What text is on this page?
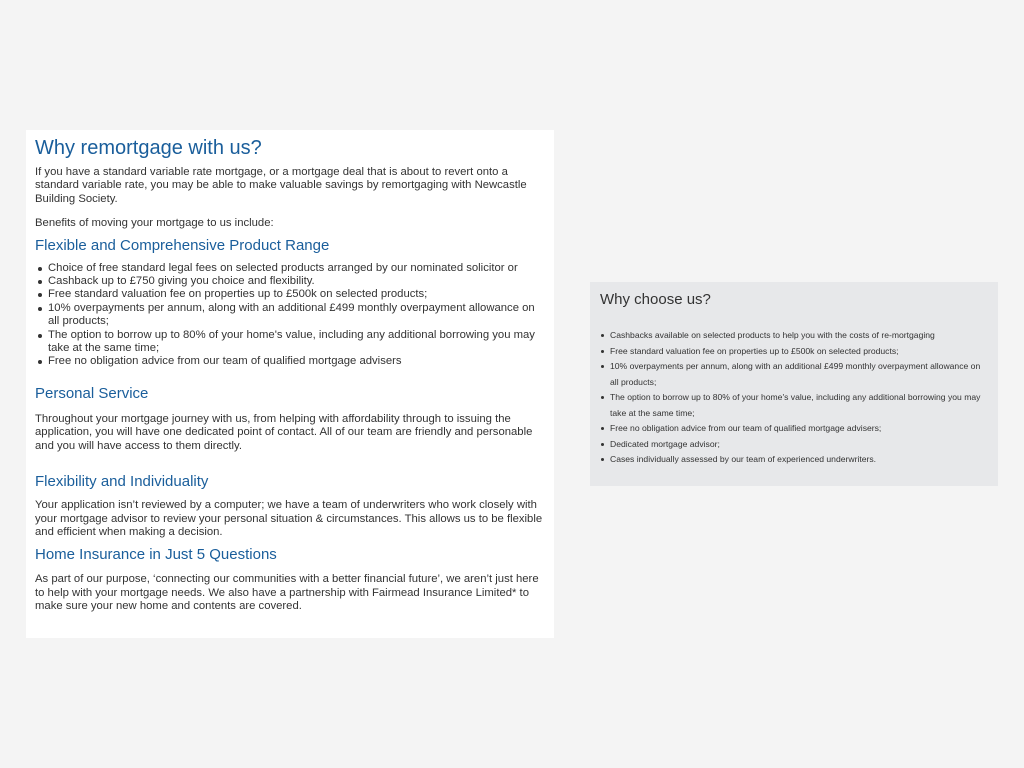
Why remortgage with us?

If you have a standard variable rate mortgage, or a mortgage deal that is about to revert onto a standard variable rate, you may be able to make valuable savings by remortgaging with Newcastle Building Society.

Benefits of moving your mortgage to us include:

Flexible and Comprehensive Product Range
Choice of free standard legal fees on selected products arranged by our nominated solicitor or
Cashback up to £750 giving you choice and flexibility.
Free standard valuation fee on properties up to £500k on selected products;
10% overpayments per annum, along with an additional £499 monthly overpayment allowance on all products;
The option to borrow up to 80% of your home's value, including any additional borrowing you may take at the same time;
Free no obligation advice from our team of qualified mortgage advisers
Personal Service

Throughout your mortgage journey with us, from helping with affordability through to issuing the application, you will have one dedicated point of contact. All of our team are friendly and personable and you will have access to them directly.

Flexibility and Individuality

Your application isn’t reviewed by a computer; we have a team of underwriters who work closely with your mortgage advisor to review your personal situation & circumstances. This allows us to be flexible and efficient when making a decision.

Home Insurance in Just 5 Questions

As part of our purpose, ‘connecting our communities with a better financial future’, we aren’t just here to help with your mortgage needs. We also have a partnership with Fairmead Insurance Limited* to make sure your new home and contents are covered.

Why choose us?
Cashbacks available on selected products to help you with the costs of re-mortgaging
Free standard valuation fee on properties up to £500k on selected products;
10% overpayments per annum, along with an additional £499 monthly overpayment allowance on all products;
The option to borrow up to 80% of your home's value, including any additional borrowing you may take at the same time;
Free no obligation advice from our team of qualified mortgage advisers;
Dedicated mortgage advisor;
Cases individually assessed by our team of experienced underwriters.
